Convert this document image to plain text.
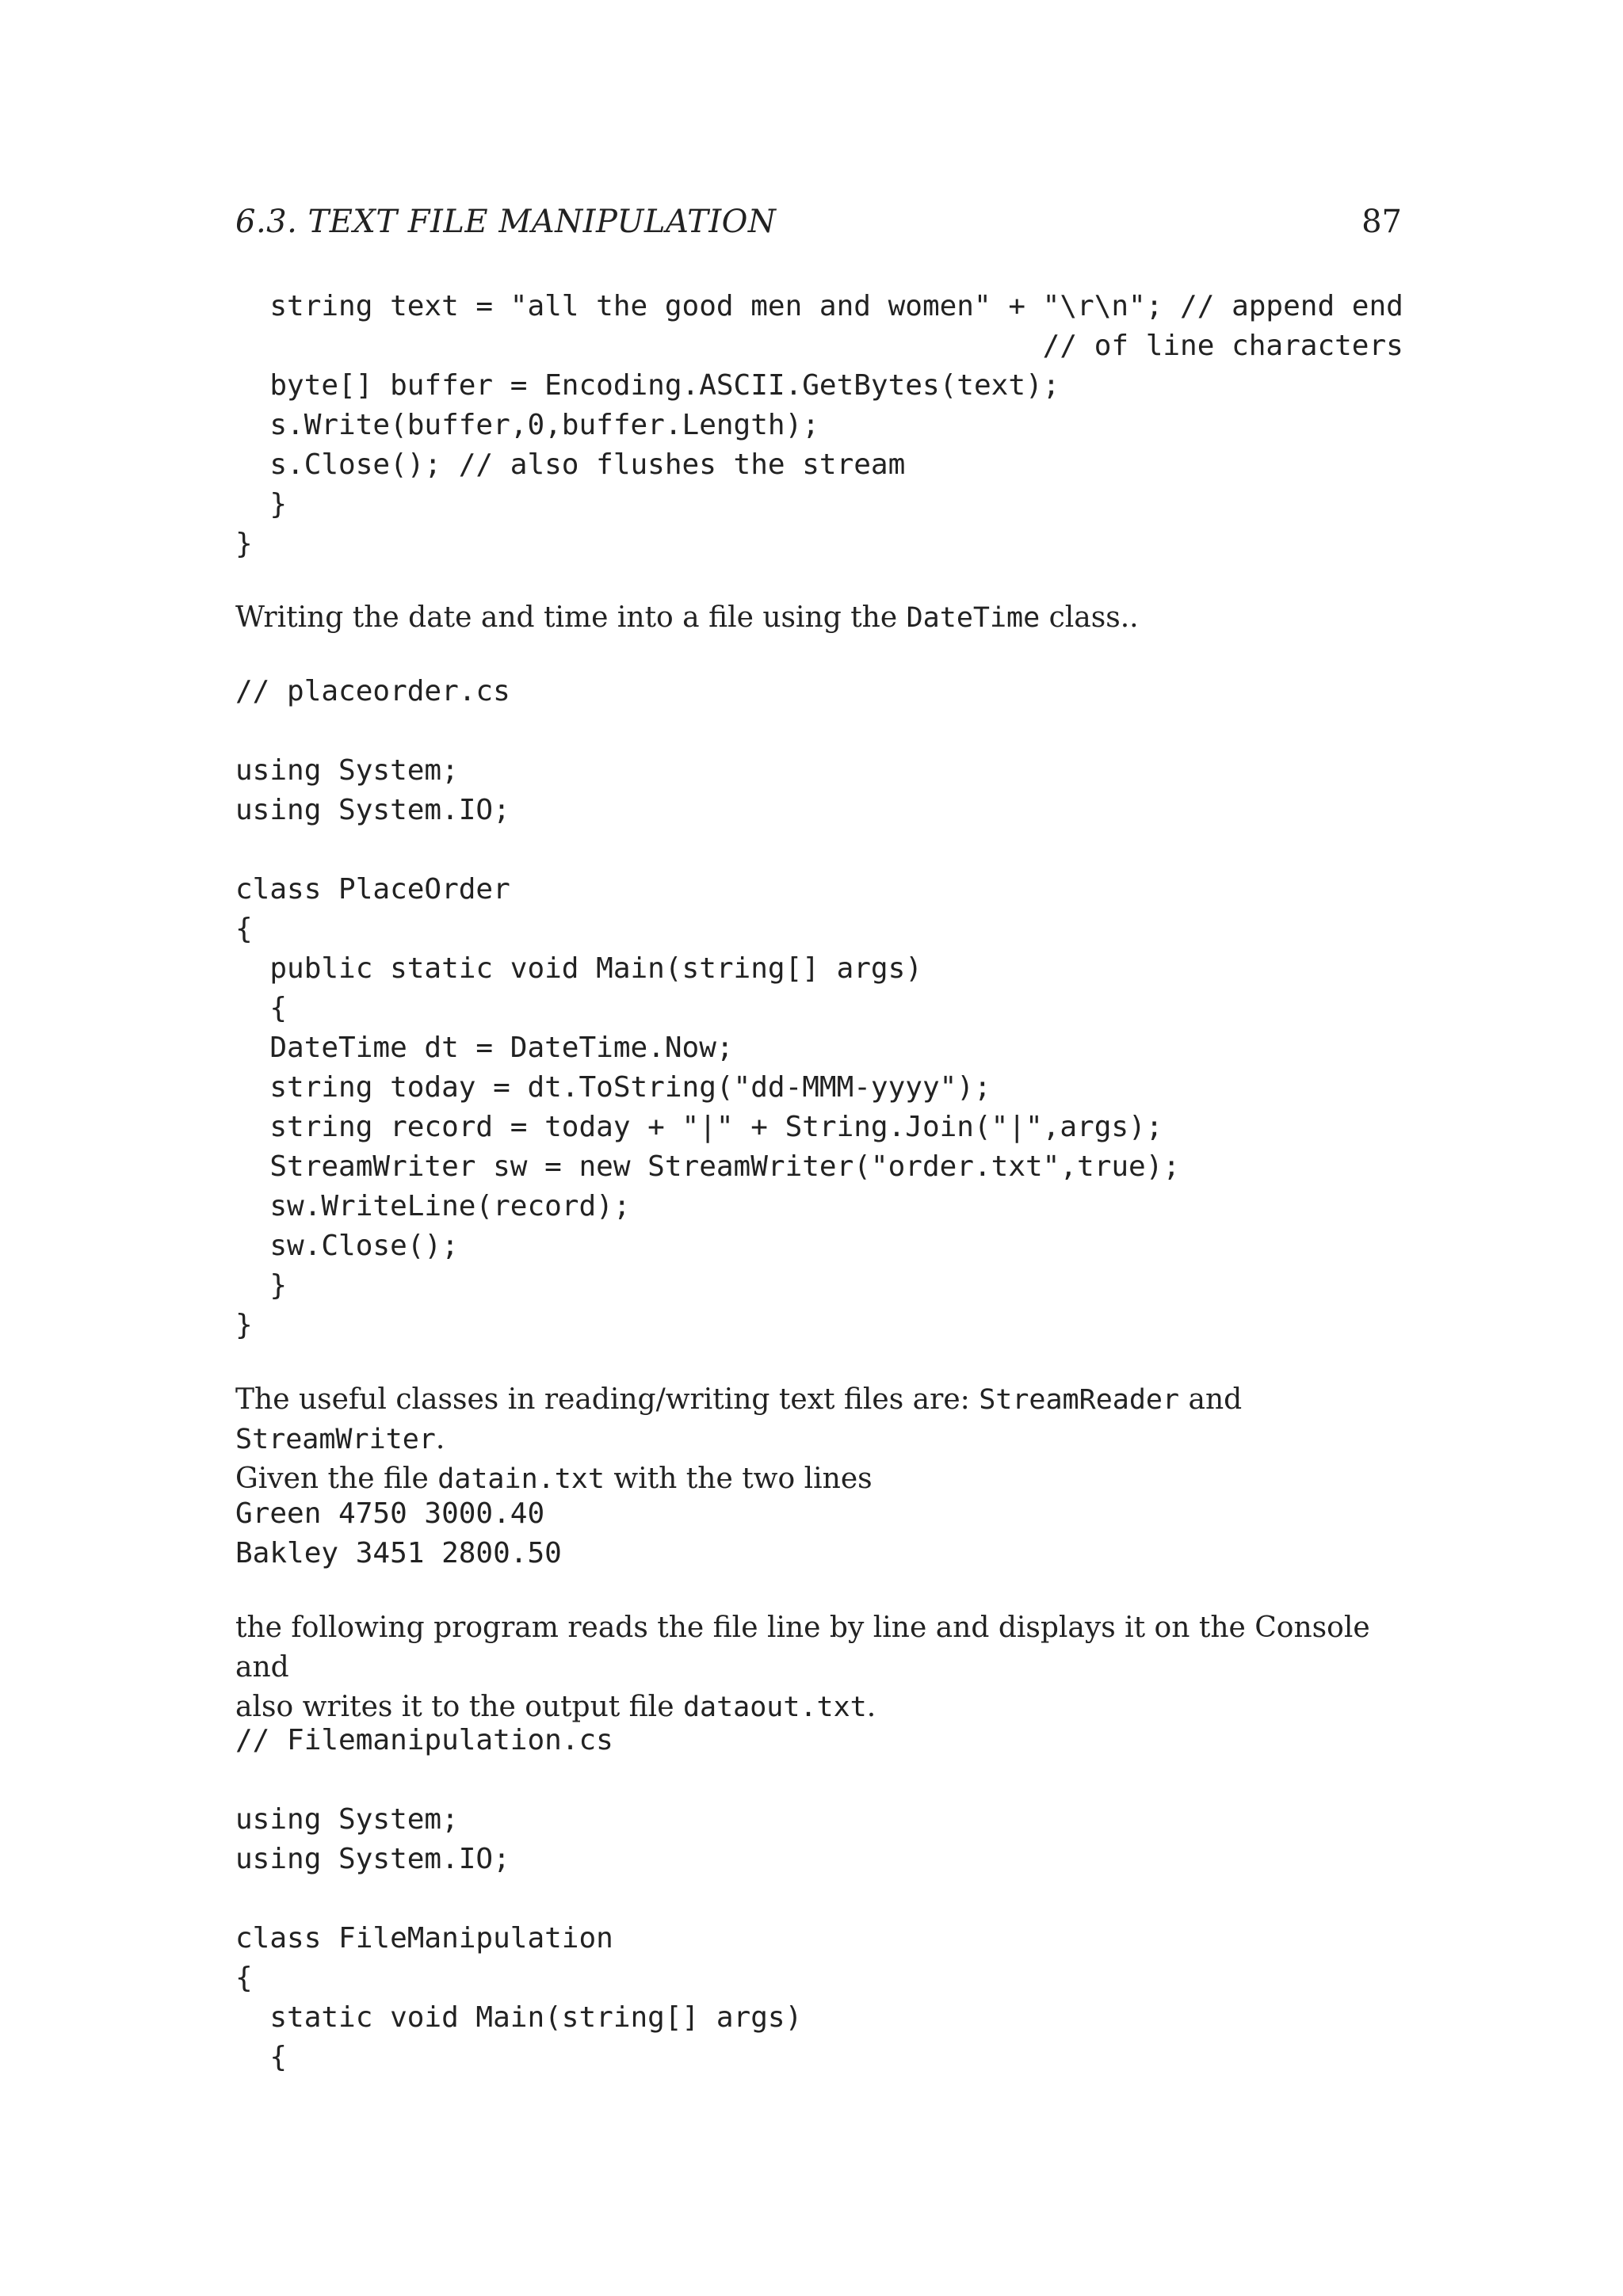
6.3. TEXT FILE MANIPULATION	87
string text = "all the good men and women" + "\r\n"; // append end
// of line characters
byte[] buffer = Encoding.ASCII.GetBytes(text);
s.Write(buffer,0,buffer.Length);
s.Close(); // also flushes the stream
}
}
Writing the date and time into a file using the DateTime class..
// placeorder.cs

using System;
using System.IO;

class PlaceOrder
{
public static void Main(string[] args)
{
DateTime dt = DateTime.Now;
string today = dt.ToString("dd-MMM-yyyy");
string record = today + "|" + String.Join("|",args);
StreamWriter sw = new StreamWriter("order.txt",true);
sw.WriteLine(record);
sw.Close();
}
}
The useful classes in reading/writing text files are: StreamReader and StreamWriter.
Given the file datain.txt with the two lines
Green 4750 3000.40
Bakley 3451 2800.50
the following program reads the file line by line and displays it on the Console and
also writes it to the output file dataout.txt.
// Filemanipulation.cs

using System;
using System.IO;

class FileManipulation
{
static void Main(string[] args)
{
